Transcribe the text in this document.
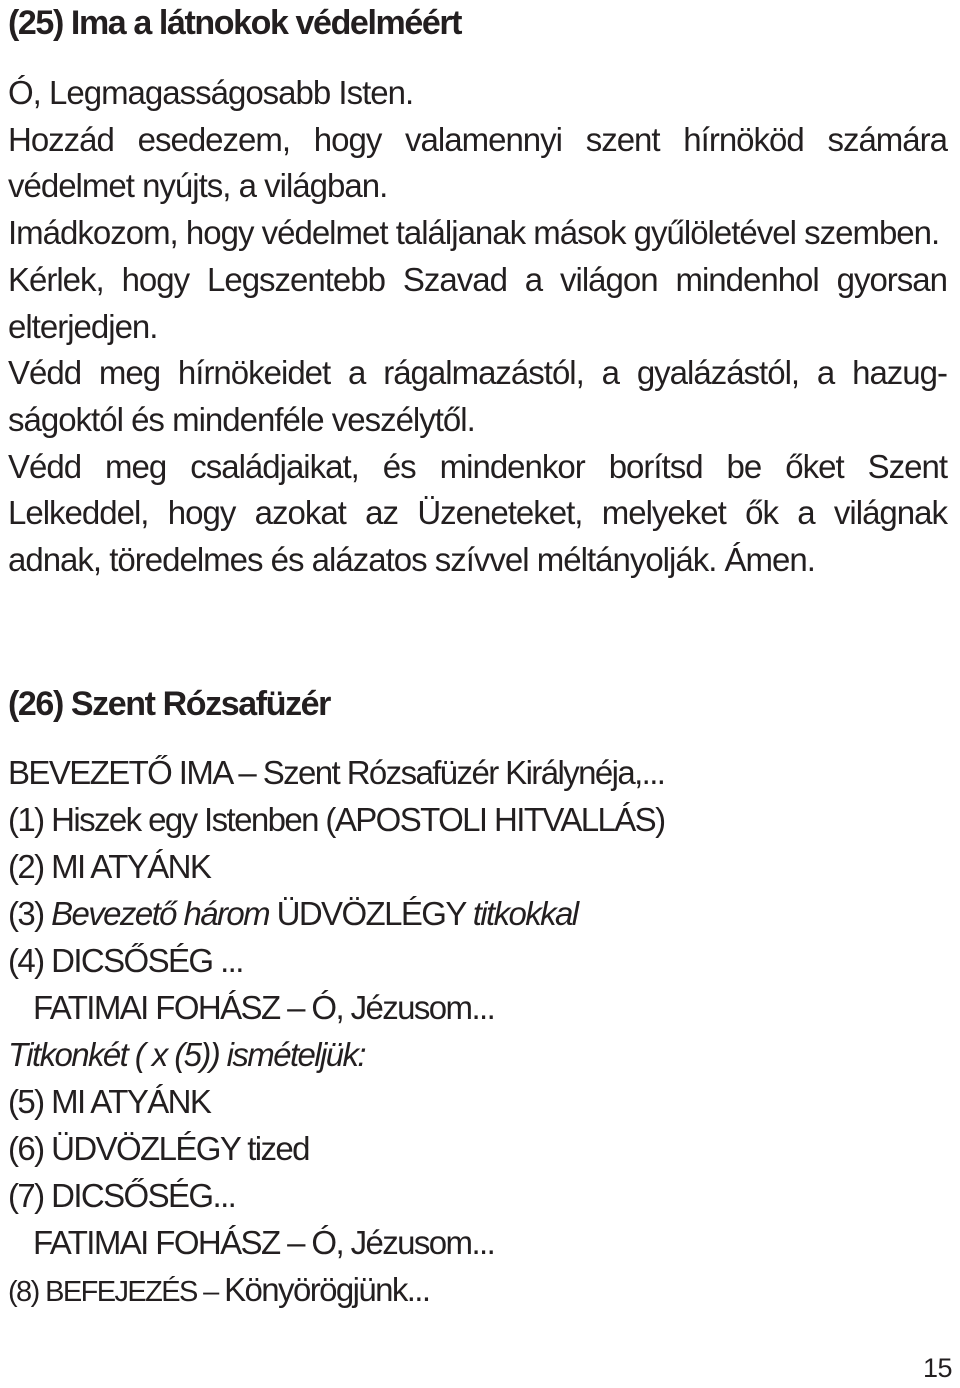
(25) Ima a látnokok védelméért

Ó, Legmagasságosabb Isten.

Hozzád esedezem, hogy valamennyi szent hírnököd számára védelmet nyújts, a világban.

Imádkozom, hogy védelmet találjanak mások gyűlöletével szemben.

Kérlek, hogy Legszentebb Szavad a világon mindenhol gyorsan elterjedjen.

Védd meg hírnökeidet a rágalmazástól, a gyalázástól, a hazug-ságoktól és mindenféle veszélytől.

Védd meg családjaikat, és mindenkor borítsd be őket Szent Lelkeddel, hogy azokat az Üzeneteket, melyeket ők a világnak adnak, töredelmes és alázatos szívvel méltányolják. Ámen.

(26) Szent Rózsafüzér
BEVEZETŐ IMA – Szent Rózsafüzér Királynéja,...
(1) Hiszek egy Istenben (APOSTOLI HITVALLÁS)
(2) MI ATYÁNK
(3) Bevezető három ÜDVÖZLÉGY titkokkal
(4) DICSŐSÉG ...
FATIMAI FOHÁSZ – Ó, Jézusom...
Titkonkét ( x (5)) ismételjük:
(5) MI ATYÁNK
(6) ÜDVÖZLÉGY tized
(7) DICSŐSÉG...
FATIMAI FOHÁSZ – Ó, Jézusom...
(8) BEFEJEZÉS – Könyörögjünk...
15
